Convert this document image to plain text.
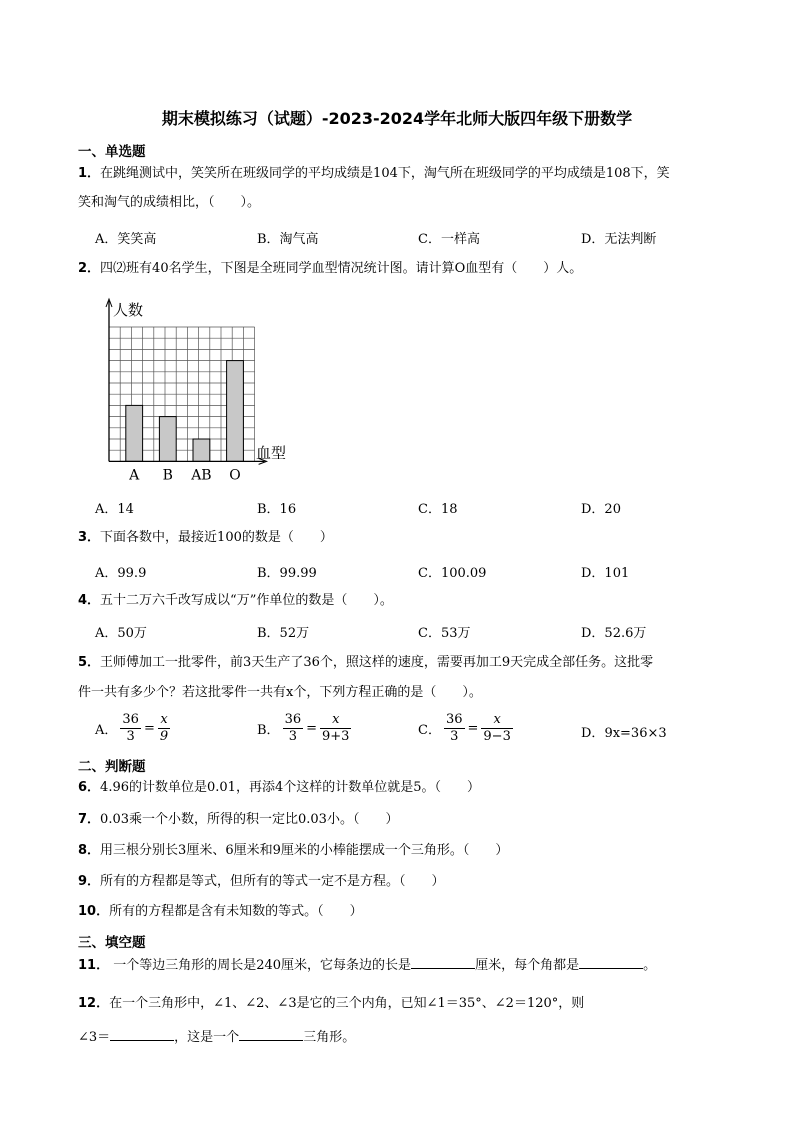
期末模拟练习（试题）-2023-2024学年北师大版四年级下册数学
一、单选题
1．在跳绳测试中，笑笑所在班级同学的平均成绩是104下，淘气所在班级同学的平均成绩是108下，笑
笑和淘气的成绩相比，（　　）。
A．笑笑高	B．淘气高	C．一样高	D．无法判断
2．四⑵班有40名学生，下图是全班同学血型情况统计图。请计算O血型有（　　）人。
人数
血型
A B AB O
A．14	B．16	C．18	D．20
3．下面各数中，最接近100的数是（　　）
A．99.9	B．99.99	C．100.09	D．101
4．五十二万六千改写成以“万”作单位的数是（　　）。
A．50万	B．52万	C．53万	D．52.6万
5．王师傅加工一批零件，前3天生产了36个，照这样的速度，需要再加工9天完成全部任务。这批零
件一共有多少个？若这批零件一共有x个，下列方程正确的是（　　）。
A． $\frac{36}{3} = \frac{x}{9}$	B． $\frac{36}{3} = \frac{x}{9+3}$	C． $\frac{36}{3} = \frac{x}{9-3}$	D．9x=36×3
二、判断题
6．4.96的计数单位是0.01，再添4个这样的计数单位就是5。（　　）
7．0.03乘一个小数，所得的积一定比0.03小。（　　）
8．用三根分别长3厘米、6厘米和9厘米的小棒能摆成一个三角形。（　　）
9．所有的方程都是等式，但所有的等式一定不是方程。（　　）
10．所有的方程都是含有未知数的等式。（　　）
三、填空题
11． 一个等边三角形的周长是240厘米，它每条边的长是	厘米，每个角都是	。
12．在一个三角形中，∠1、∠2、∠3是它的三个内角，已知∠1＝35°、∠2＝120°，则
∠3＝	，这是一个	三角形。
